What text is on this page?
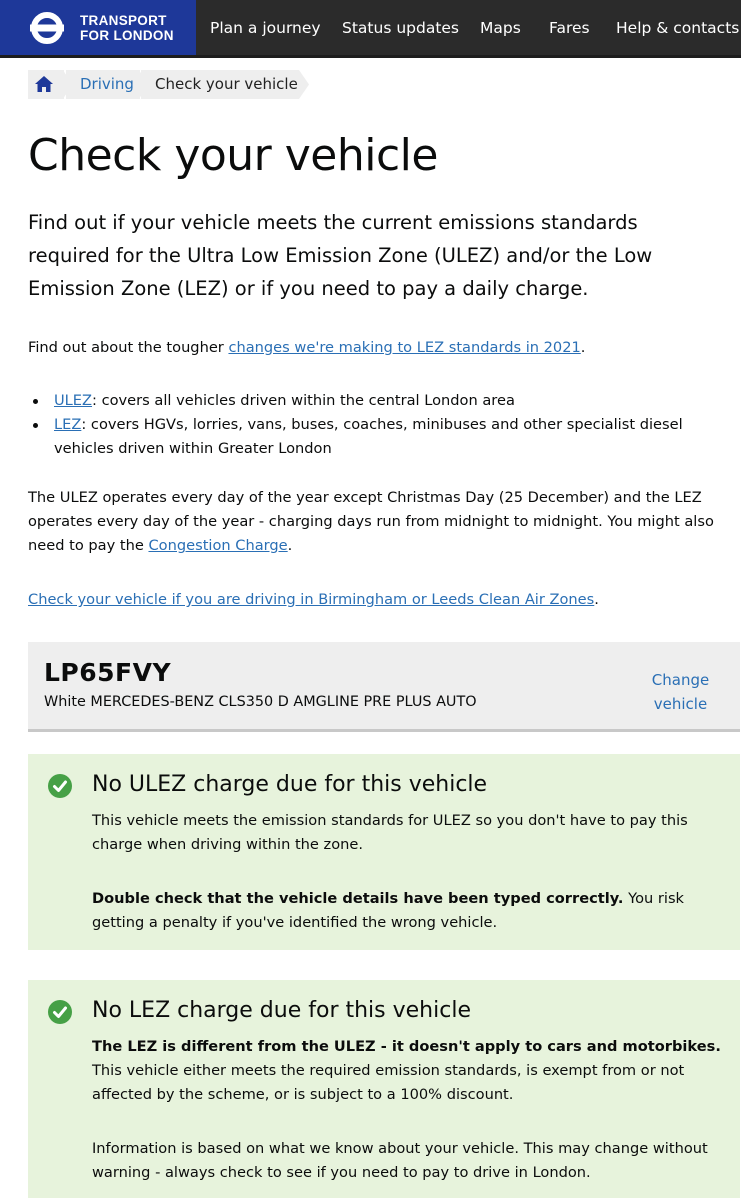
TRANSPORT
FOR LONDON Plan a journey Status updates Maps Fares Help & contacts
Driving	Check your vehicle
Check your vehicle

Find out if your vehicle meets the current emissions standards required for the Ultra Low Emission Zone (ULEZ) and/or the Low Emission Zone (LEZ) or if you need to pay a daily charge.

Find out about the tougher changes we're making to LEZ standards in 2021.

ULEZ: covers all vehicles driven within the central London area
LEZ: covers HGVs, lorries, vans, buses, coaches, minibuses and other specialist diesel vehicles driven within Greater London

The ULEZ operates every day of the year except Christmas Day (25 December) and the LEZ operates every day of the year - charging days run from midnight to midnight. You might also need to pay the Congestion Charge.

Check your vehicle if you are driving in Birmingham or Leeds Clean Air Zones.

LP65FVY
White MERCEDES-BENZ CLS350 D AMGLINE PRE PLUS AUTO
Change
vehicle
No ULEZ charge due for this vehicle

This vehicle meets the emission standards for ULEZ so you don't have to pay this charge when driving within the zone.

Double check that the vehicle details have been typed correctly. You risk getting a penalty if you've identified the wrong vehicle.

No LEZ charge due for this vehicle

The LEZ is different from the ULEZ - it doesn't apply to cars and motorbikes. This vehicle either meets the required emission standards, is exempt from or not affected by the scheme, or is subject to a 100% discount.

Information is based on what we know about your vehicle. This may change without warning - always check to see if you need to pay to drive in London.
